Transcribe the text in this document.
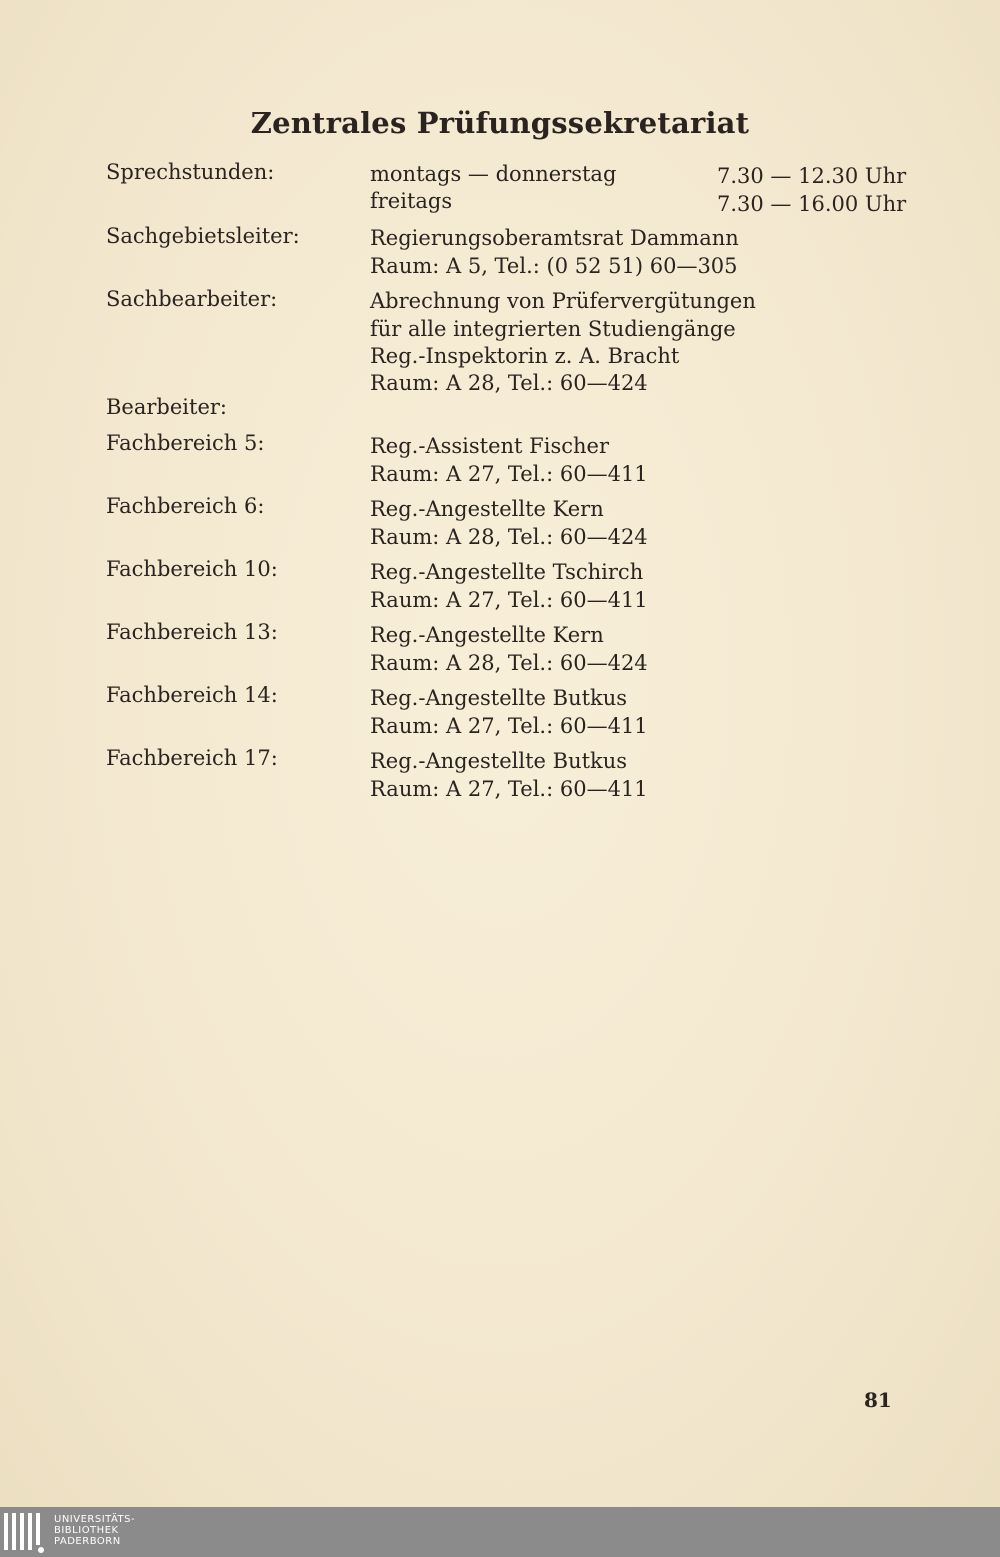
Zentrales Prüfungssekretariat
Sprechstunden:	montags — donnerstag	7.30 — 12.30 Uhr
freitags	7.30 — 16.00 Uhr
Sachgebietsleiter:	Regierungsoberamtsrat Dammann
Raum: A 5, Tel.: (0 52 51) 60—305
Sachbearbeiter:	Abrechnung von Prüfervergütungen
für alle integrierten Studiengänge
Reg.-Inspektorin z. A. Bracht
Raum: A 28, Tel.: 60—424
Bearbeiter:
Fachbereich 5:	Reg.-Assistent Fischer
Raum: A 27, Tel.: 60—411
Fachbereich 6:	Reg.-Angestellte Kern
Raum: A 28, Tel.: 60—424
Fachbereich 10:	Reg.-Angestellte Tschirch
Raum: A 27, Tel.: 60—411
Fachbereich 13:	Reg.-Angestellte Kern
Raum: A 28, Tel.: 60—424
Fachbereich 14:	Reg.-Angestellte Butkus
Raum: A 27, Tel.: 60—411
Fachbereich 17:	Reg.-Angestellte Butkus
Raum: A 27, Tel.: 60—411
81
UNIVERSITÄTS-
BIBLIOTHEK
PADERBORN
